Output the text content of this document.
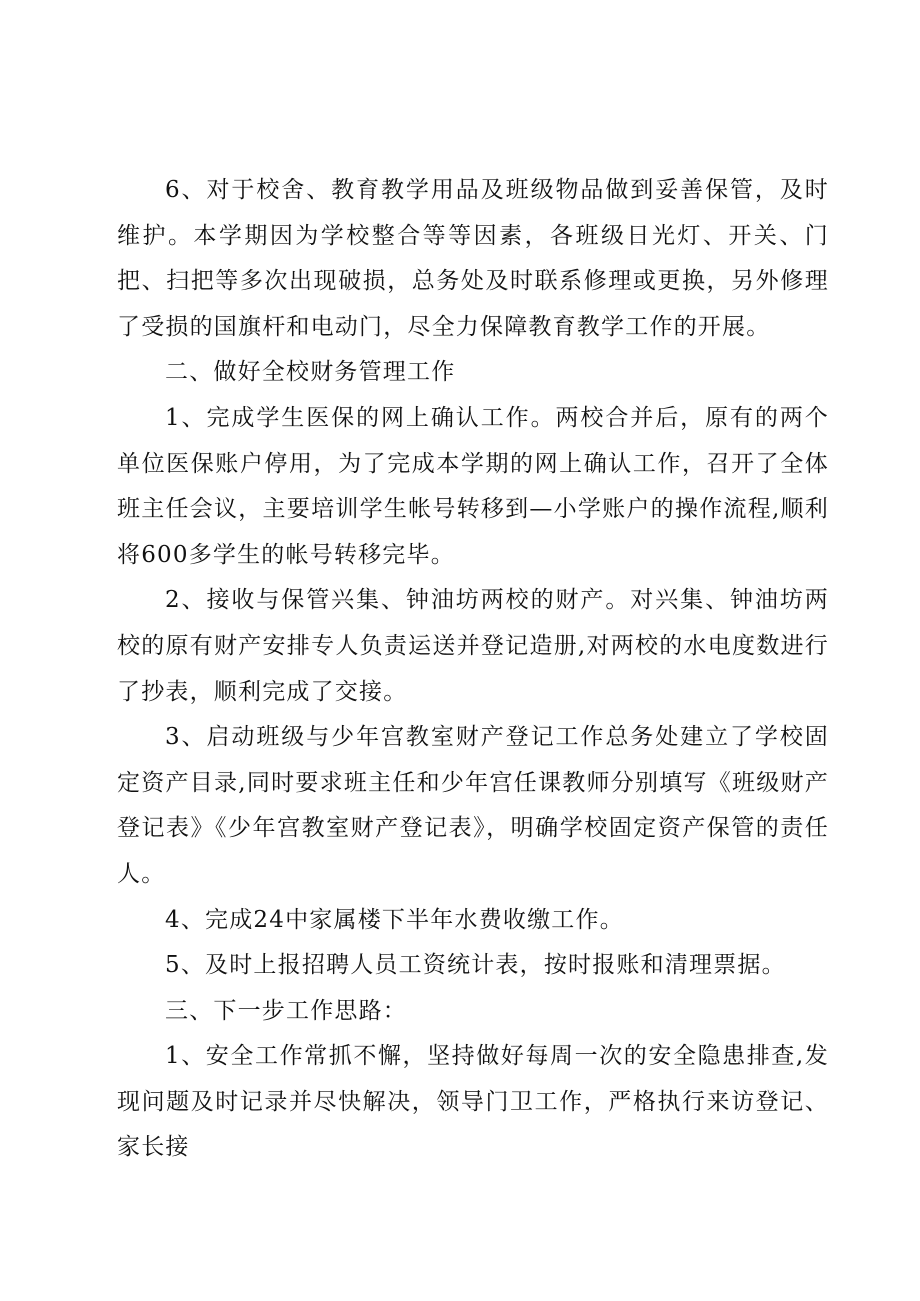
6、对于校舍、教育教学用品及班级物品做到妥善保管，及时维护。本学期因为学校整合等等因素，各班级日光灯、开关、门把、扫把等多次出现破损，总务处及时联系修理或更换，另外修理了受损的国旗杆和电动门，尽全力保障教育教学工作的开展。

二、做好全校财务管理工作

1、完成学生医保的网上确认工作。两校合并后，原有的两个单位医保账户停用，为了完成本学期的网上确认工作，召开了全体班主任会议，主要培训学生帐号转移到—小学账户的操作流程,顺利将600多学生的帐号转移完毕。

2、接收与保管兴集、钟油坊两校的财产。对兴集、钟油坊两校的原有财产安排专人负责运送并登记造册,对两校的水电度数进行了抄表，顺利完成了交接。

3、启动班级与少年宫教室财产登记工作总务处建立了学校固定资产目录,同时要求班主任和少年宫任课教师分别填写《班级财产登记表》《少年宫教室财产登记表》，明确学校固定资产保管的责任人。

4、完成24中家属楼下半年水费收缴工作。

5、及时上报招聘人员工资统计表，按时报账和清理票据。

三、下一步工作思路：

1、安全工作常抓不懈，坚持做好每周一次的安全隐患排查,发现问题及时记录并尽快解决，领导门卫工作，严格执行来访登记、家长接
